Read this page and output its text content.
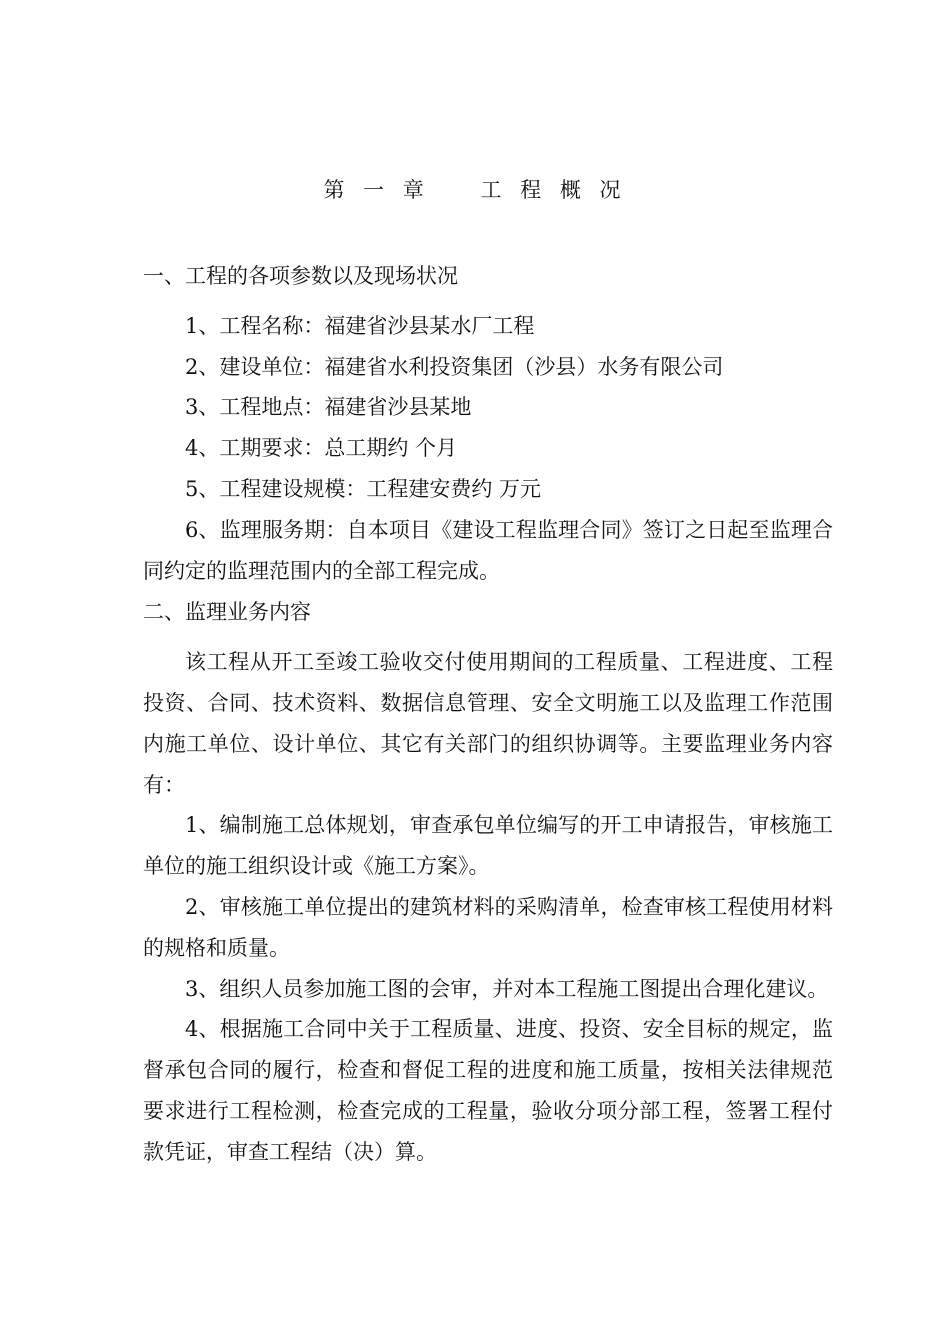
第 一 章    工 程 概 况

一、工程的各项参数以及现场状况

1、工程名称：福建省沙县某水厂工程

2、建设单位：福建省水利投资集团（沙县）水务有限公司

3、工程地点：福建省沙县某地

4、工期要求：总工期约 个月

5、工程建设规模：工程建安费约 万元

6、监理服务期：自本项目《建设工程监理合同》签订之日起至监理合同约定的监理范围内的全部工程完成。

二、监理业务内容

该工程从开工至竣工验收交付使用期间的工程质量、工程进度、工程投资、合同、技术资料、数据信息管理、安全文明施工以及监理工作范围内施工单位、设计单位、其它有关部门的组织协调等。主要监理业务内容有：

1、编制施工总体规划，审查承包单位编写的开工申请报告，审核施工单位的施工组织设计或《施工方案》。

2、审核施工单位提出的建筑材料的采购清单，检查审核工程使用材料的规格和质量。

3、组织人员参加施工图的会审，并对本工程施工图提出合理化建议。

4、根据施工合同中关于工程质量、进度、投资、安全目标的规定，监督承包合同的履行，检查和督促工程的进度和施工质量，按相关法律规范要求进行工程检测，检查完成的工程量，验收分项分部工程，签署工程付款凭证，审查工程结（决）算。
